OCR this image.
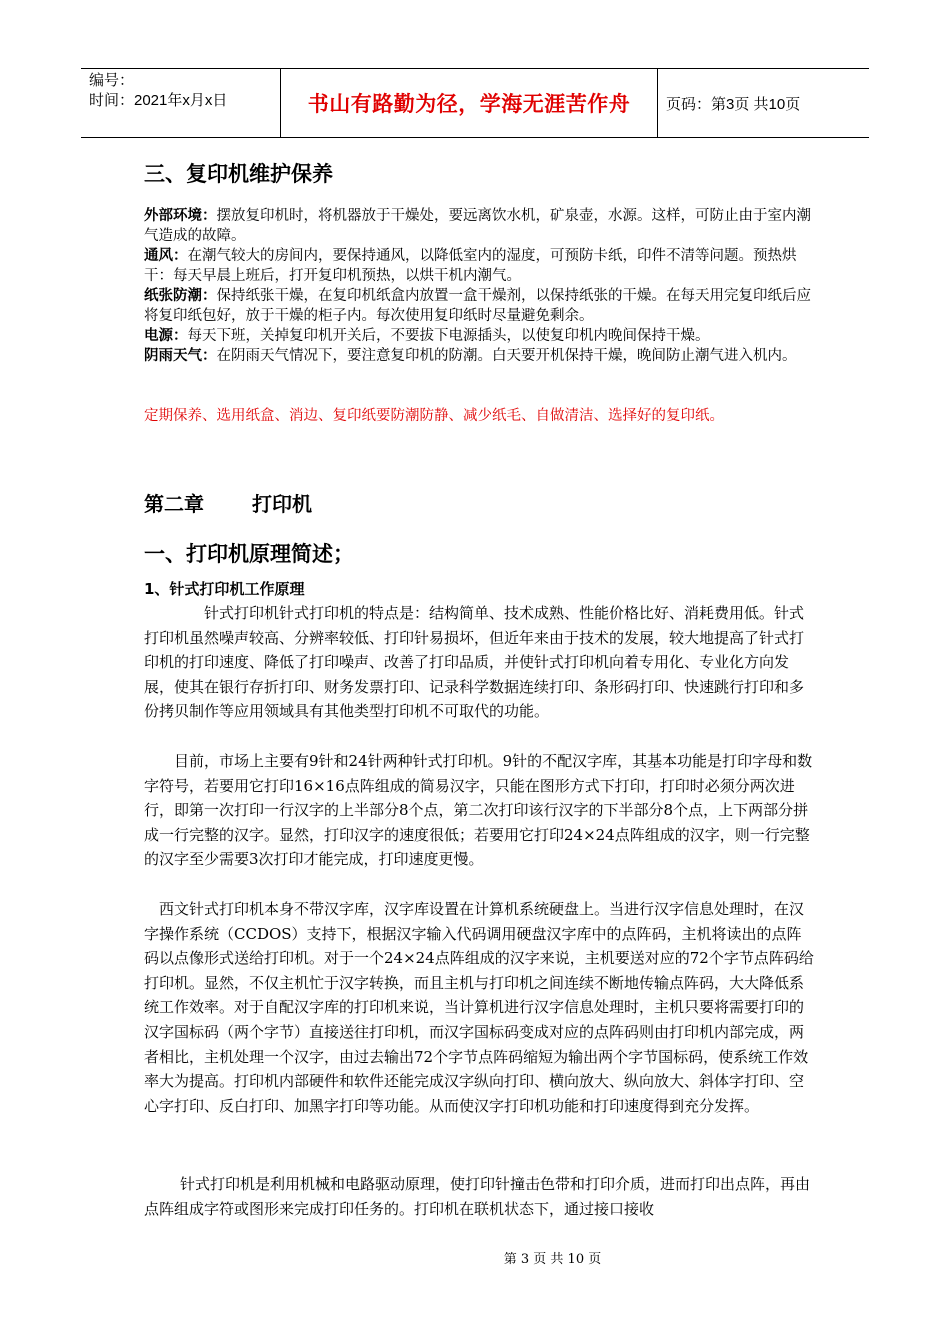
编号：
时间：2021年x月x日	书山有路勤为径，学海无涯苦作舟	页码：第3页 共10页
三、复印机维护保养

外部环境：摆放复印机时，将机器放于干燥处，要远离饮水机，矿泉壶，水源。这样，可防止由于室内潮气造成的故障。

通风：在潮气较大的房间内，要保持通风，以降低室内的湿度，可预防卡纸，印件不清等问题。预热烘干：每天早晨上班后，打开复印机预热，以烘干机内潮气。

纸张防潮：保持纸张干燥，在复印机纸盒内放置一盒干燥剂，以保持纸张的干燥。在每天用完复印纸后应将复印纸包好，放于干燥的柜子内。每次使用复印纸时尽量避免剩余。

电源：每天下班，关掉复印机开关后，不要拔下电源插头，以使复印机内晚间保持干燥。

阴雨天气：在阴雨天气情况下，要注意复印机的防潮。白天要开机保持干燥，晚间防止潮气进入机内。

定期保养、选用纸盒、消边、复印纸要防潮防静、减少纸毛、自做清洁、选择好的复印纸。
第二章 打印机
一、打印机原理简述；
1、针式打印机工作原理

针式打印机针式打印机的特点是：结构简单、技术成熟、性能价格比好、消耗费用低。针式打印机虽然噪声较高、分辨率较低、打印针易损坏，但近年来由于技术的发展，较大地提高了针式打印机的打印速度、降低了打印噪声、改善了打印品质，并使针式打印机向着专用化、专业化方向发展，使其在银行存折打印、财务发票打印、记录科学数据连续打印、条形码打印、快速跳行打印和多份拷贝制作等应用领域具有其他类型打印机不可取代的功能。

目前，市场上主要有9针和24针两种针式打印机。9针的不配汉字库，其基本功能是打印字母和数字符号，若要用它打印16×16点阵组成的简易汉字，只能在图形方式下打印，打印时必须分两次进行，即第一次打印一行汉字的上半部分8个点，第二次打印该行汉字的下半部分8个点，上下两部分拼成一行完整的汉字。显然，打印汉字的速度很低；若要用它打印24×24点阵组成的汉字，则一行完整的汉字至少需要3次打印才能完成，打印速度更慢。

西文针式打印机本身不带汉字库，汉字库设置在计算机系统硬盘上。当进行汉字信息处理时，在汉字操作系统（CCDOS）支持下，根据汉字输入代码调用硬盘汉字库中的点阵码，主机将读出的点阵码以点像形式送给打印机。对于一个24×24点阵组成的汉字来说，主机要送对应的72个字节点阵码给打印机。显然，不仅主机忙于汉字转换，而且主机与打印机之间连续不断地传输点阵码，大大降低系统工作效率。对于自配汉字库的打印机来说，当计算机进行汉字信息处理时，主机只要将需要打印的汉字国标码（两个字节）直接送往打印机，而汉字国标码变成对应的点阵码则由打印机内部完成，两者相比，主机处理一个汉字，由过去输出72个字节点阵码缩短为输出两个字节国标码，使系统工作效率大为提高。打印机内部硬件和软件还能完成汉字纵向打印、横向放大、纵向放大、斜体字打印、空心字打印、反白打印、加黑字打印等功能。从而使汉字打印机功能和打印速度得到充分发挥。

针式打印机是利用机械和电路驱动原理，使打印针撞击色带和打印介质，进而打印出点阵，再由点阵组成字符或图形来完成打印任务的。打印机在联机状态下，通过接口接收

第 3 页 共 10 页
